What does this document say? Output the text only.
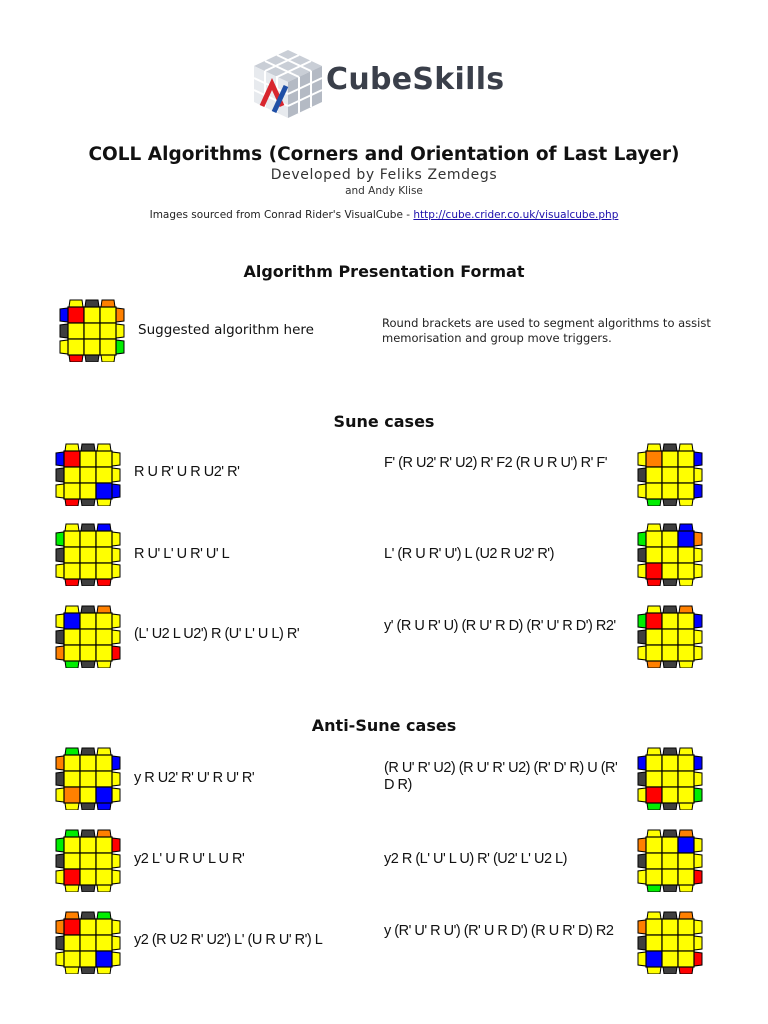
CubeSkills
COLL Algorithms (Corners and Orientation of Last Layer)
Developed by Feliks Zemdegs
and Andy Klise
Images sourced from Conrad Rider's VisualCube - http://cube.crider.co.uk/visualcube.php
Algorithm Presentation Format
Suggested algorithm here	Round brackets are used to segment algorithms to assist memorisation and group move triggers.
Sune cases
R U R' U R U2' R'
R U' L' U R' U' L
(L' U2 L U2') R (U' L' U L) R'
F' (R U2' R' U2) R' F2 (R U R U') R' F'
L' (R U R' U') L (U2 R U2' R')
y' (R U R' U) (R U' R D) (R' U' R D') R2'
Anti-Sune cases
y R U2' R' U' R U' R'
y2 L' U R U' L U R'
y2 (R U2 R' U2') L' (U R U' R') L
(R U' R' U2) (R U' R' U2) (R' D' R) U (R' D R)
y2 R (L' U' L U) R' (U2' L' U2 L)
y (R' U' R U') (R' U R D') (R U R' D) R2
